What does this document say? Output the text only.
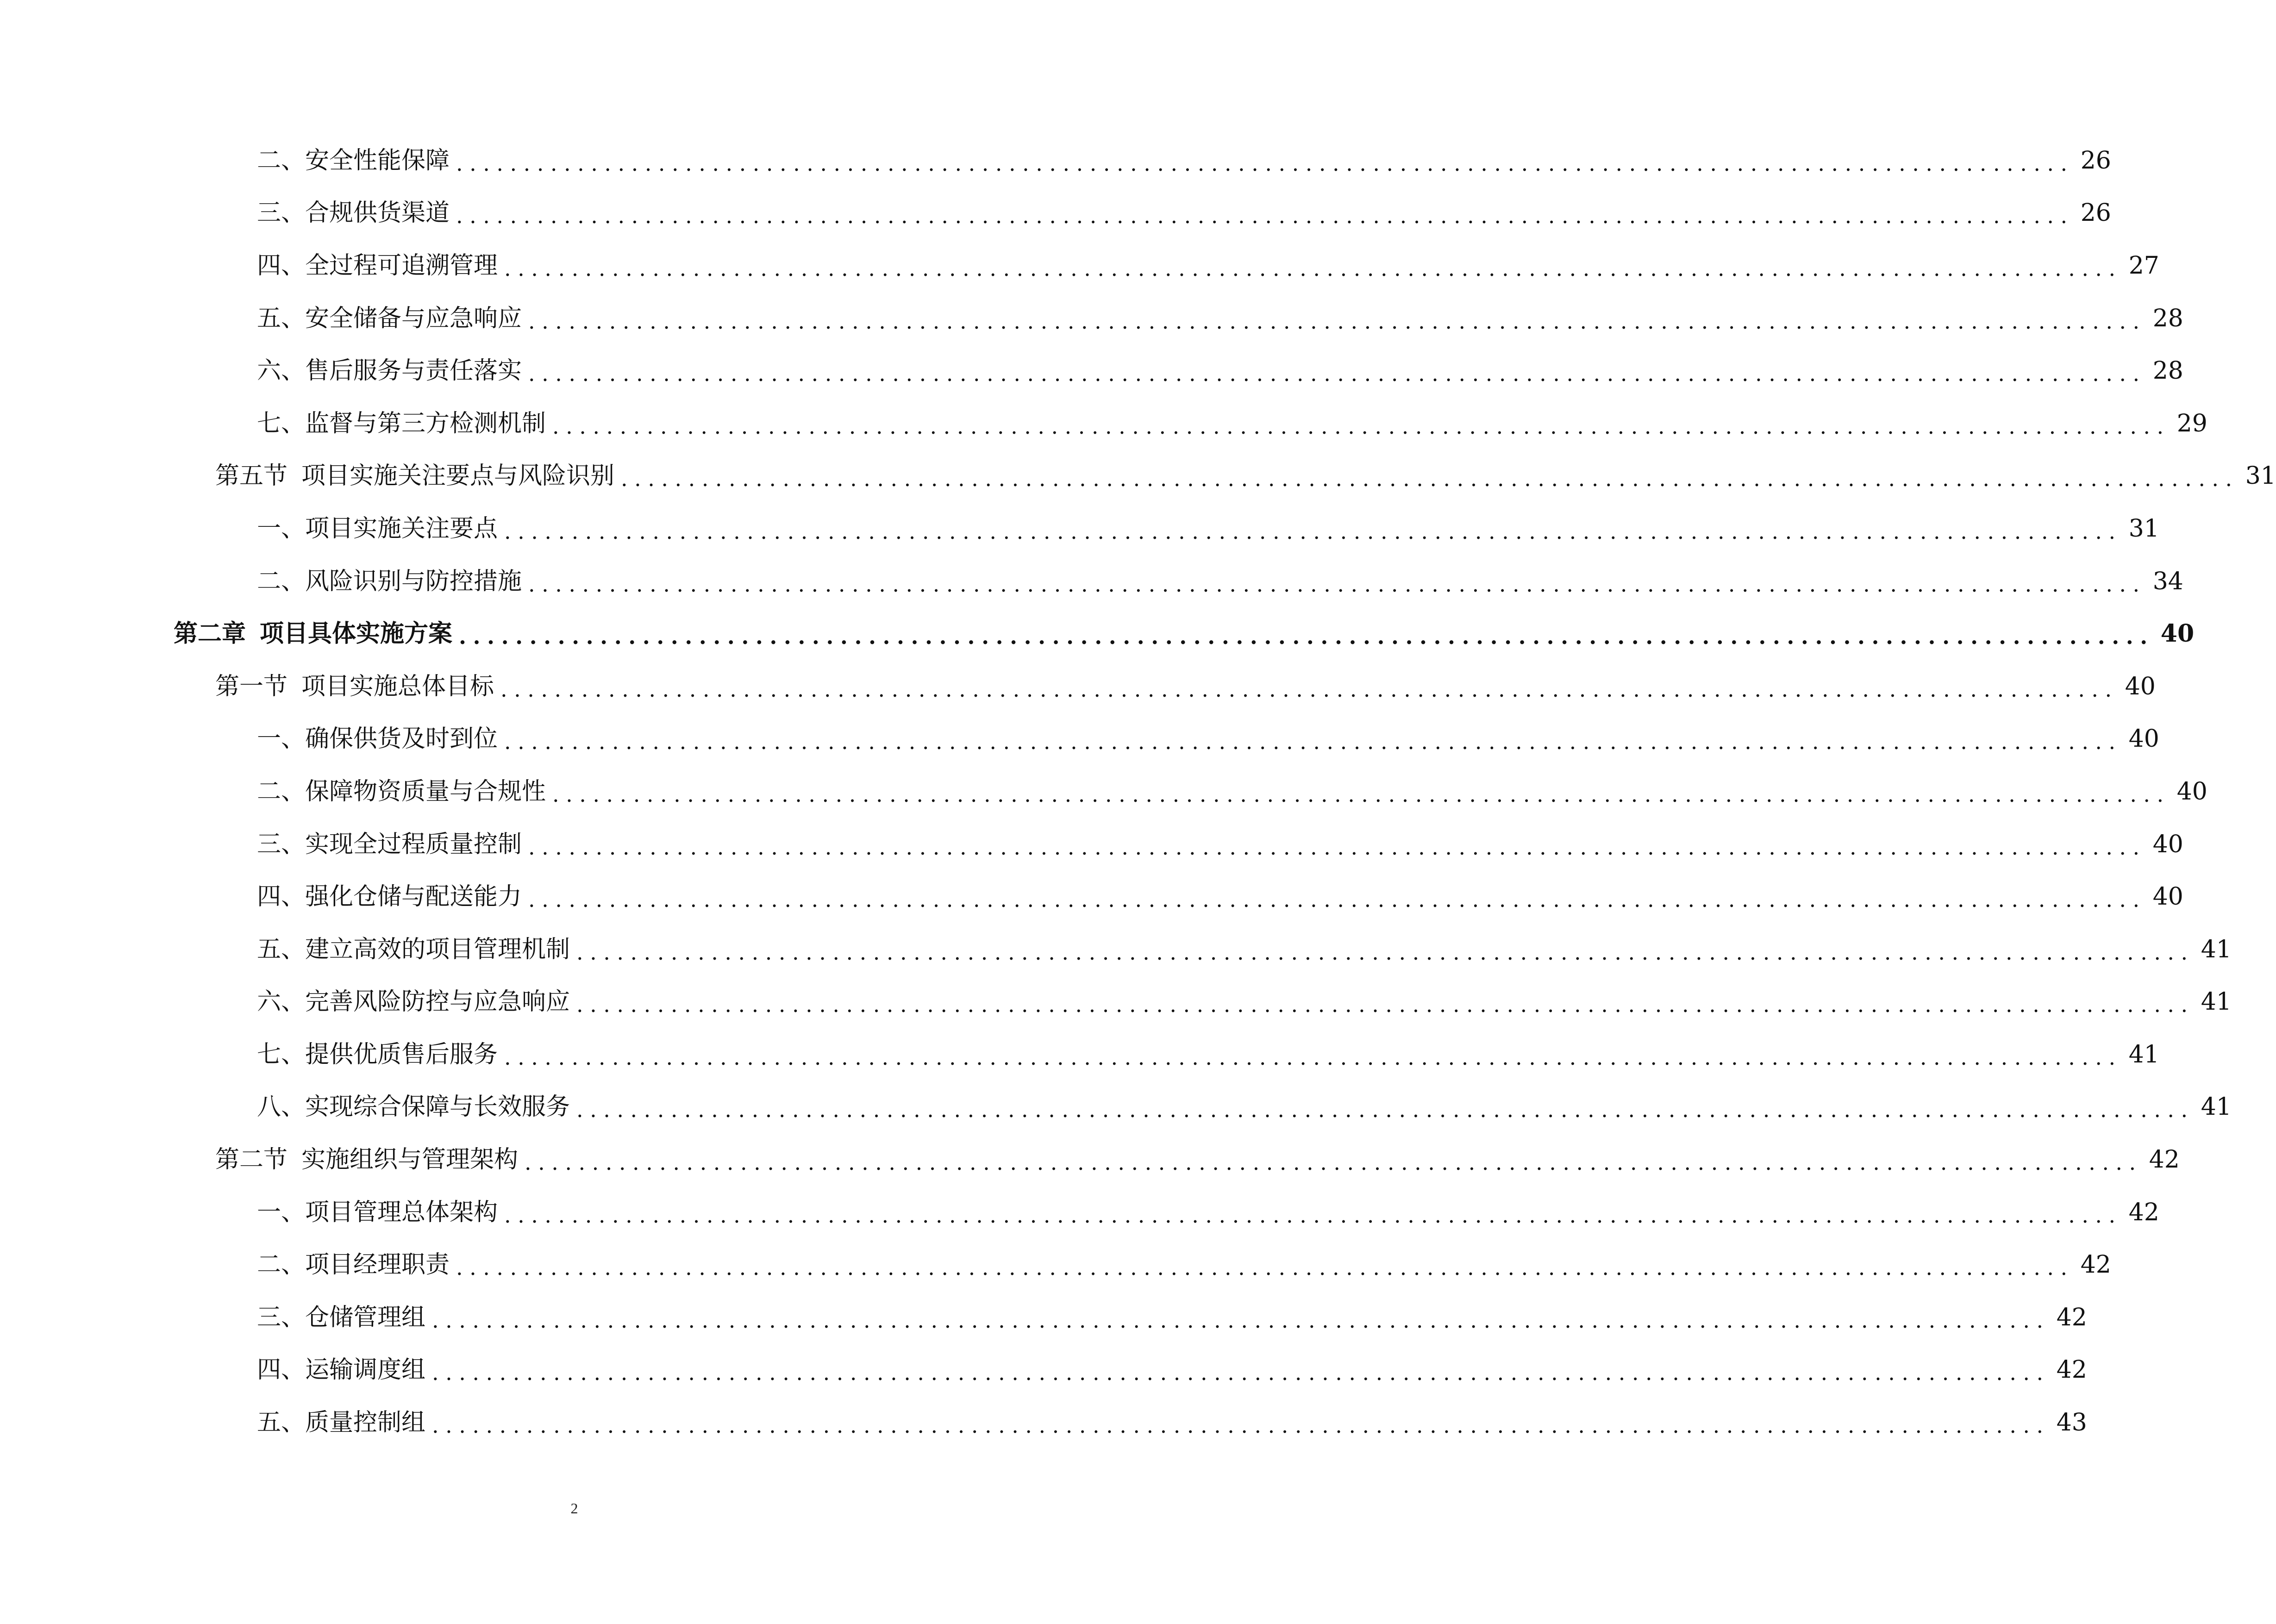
二、 安全性能保障 ........................................................................................................................ 26
三、 合规供货渠道 ........................................................................................................................ 26
四、 全过程可追溯管理 ........................................................................................................................ 27
五、 安全储备与应急响应 ........................................................................................................................ 28
六、 售后服务与责任落实 ........................................................................................................................ 28
七、 监督与第三方检测机制 ........................................................................................................................ 29
第五节 项目实施关注要点与风险识别 ........................................................................................................................ 31
一、 项目实施关注要点 ........................................................................................................................ 31
二、 风险识别与防控措施 ........................................................................................................................ 34
第二章 项目具体实施方案 ........................................................................................................................ 40
第一节 项目实施总体目标 ........................................................................................................................ 40
一、 确保供货及时到位 ........................................................................................................................ 40
二、 保障物资质量与合规性 ........................................................................................................................ 40
三、 实现全过程质量控制 ........................................................................................................................ 40
四、 强化仓储与配送能力 ........................................................................................................................ 40
五、 建立高效的项目管理机制 ........................................................................................................................ 41
六、 完善风险防控与应急响应 ........................................................................................................................ 41
七、 提供优质售后服务 ........................................................................................................................ 41
八、 实现综合保障与长效服务 ........................................................................................................................ 41
第二节 实施组织与管理架构 ........................................................................................................................ 42
一、 项目管理总体架构 ........................................................................................................................ 42
二、 项目经理职责 ........................................................................................................................ 42
三、 仓储管理组 ........................................................................................................................ 42
四、 运输调度组 ........................................................................................................................ 42
五、 质量控制组 ........................................................................................................................ 43
2
